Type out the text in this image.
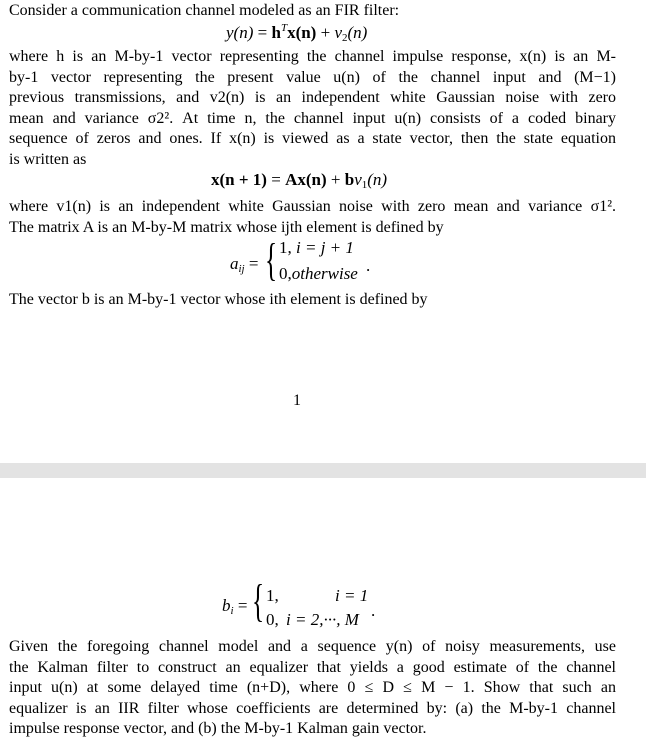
Consider a communication channel modeled as an FIR filter:
$y(n) = h^Tx(n) + v_2(n)$
where h is an M-by-1 vector representing the channel impulse response, x(n) is an M-
by-1 vector representing the present value u(n) of the channel input and (M−1)
previous transmissions, and v2(n) is an independent white Gaussian noise with zero
mean and variance σ2². At time n, the channel input u(n) consists of a coded binary
sequence of zeros and ones. If x(n) is viewed as a state vector, then the state equation
is written as
$x(n + 1) = Ax(n) + bv_1(n)$
where v1(n) is an independent white Gaussian noise with zero mean and variance σ1².
The matrix A is an M-by-M matrix whose ijth element is defined by
$a_{ij}$ = { 1, i = j + 1
0,otherwise .
The vector b is an M-by-1 vector whose ith element is defined by
1
$b_i$ = { 1,	i = 1
0, i = 2,···, M .
Given the foregoing channel model and a sequence y(n) of noisy measurements, use
the Kalman filter to construct an equalizer that yields a good estimate of the channel
input u(n) at some delayed time (n+D), where 0 ≤ D ≤ M − 1. Show that such an
equalizer is an IIR filter whose coefficients are determined by: (a) the M-by-1 channel
impulse response vector, and (b) the M-by-1 Kalman gain vector.
